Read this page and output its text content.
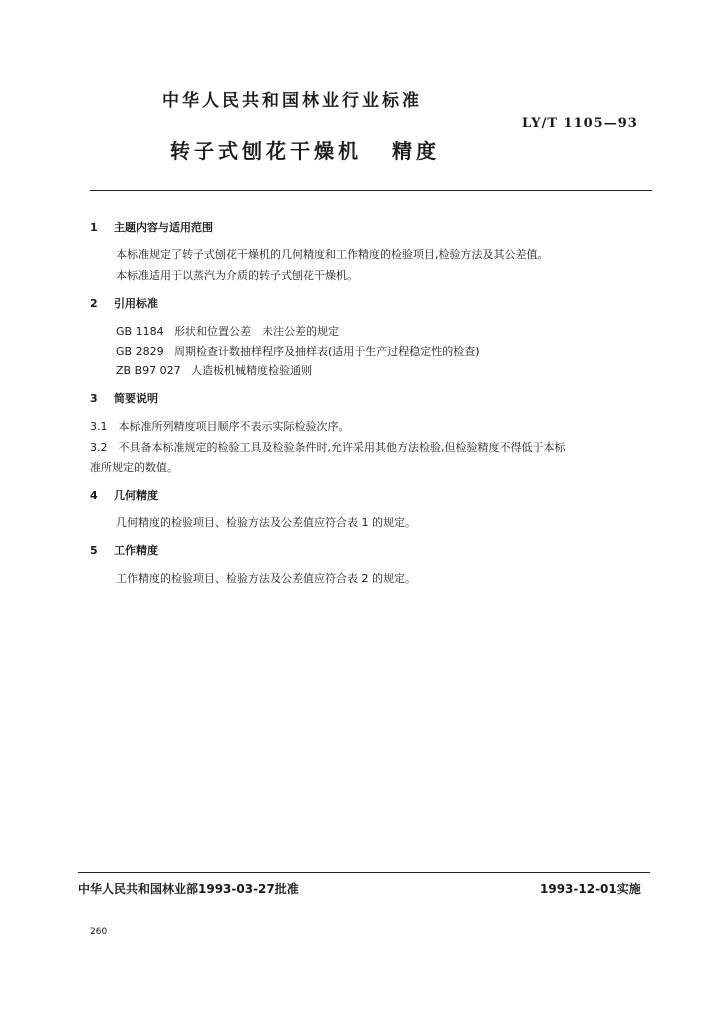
中华人民共和国林业行业标准
LY/T 1105—93
转子式刨花干燥机 精度
1 主题内容与适用范围
本标准规定了转子式刨花干燥机的几何精度和工作精度的检验项目,检验方法及其公差值。
本标准适用于以蒸汽为介质的转子式刨花干燥机。
2 引用标准
GB 1184 形状和位置公差　未注公差的规定
GB 2829 周期检查计数抽样程序及抽样表(适用于生产过程稳定性的检查)
ZB B97 027 人造板机械精度检验通则
3 简要说明
3.1　本标准所列精度项目顺序不表示实际检验次序。
3.2　不具备本标准规定的检验工具及检验条件时,允许采用其他方法检验,但检验精度不得低于本标
准所规定的数值。
4 几何精度
几何精度的检验项目、检验方法及公差值应符合表 1 的规定。
5 工作精度
工作精度的检验项目、检验方法及公差值应符合表 2 的规定。
中华人民共和国林业部1993-03-27批准	1993-12-01实施
260
